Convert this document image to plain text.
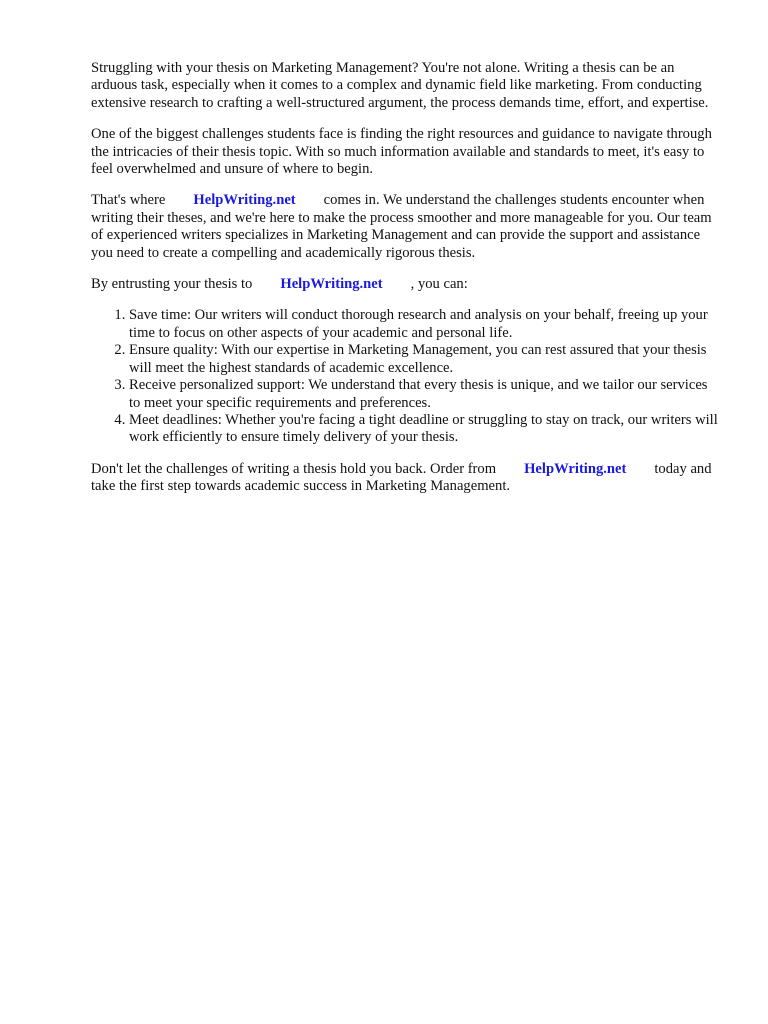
Struggling with your thesis on Marketing Management? You're not alone. Writing a thesis can be an arduous task, especially when it comes to a complex and dynamic field like marketing. From conducting extensive research to crafting a well-structured argument, the process demands time, effort, and expertise.

One of the biggest challenges students face is finding the right resources and guidance to navigate through the intricacies of their thesis topic. With so much information available and standards to meet, it's easy to feel overwhelmed and unsure of where to begin.

That's where HelpWriting.net comes in. We understand the challenges students encounter when writing their theses, and we're here to make the process smoother and more manageable for you. Our team of experienced writers specializes in Marketing Management and can provide the support and assistance you need to create a compelling and academically rigorous thesis.

By entrusting your thesis to HelpWriting.net , you can:

1. Save time: Our writers will conduct thorough research and analysis on your behalf, freeing up your time to focus on other aspects of your academic and personal life.
2. Ensure quality: With our expertise in Marketing Management, you can rest assured that your thesis will meet the highest standards of academic excellence.
3. Receive personalized support: We understand that every thesis is unique, and we tailor our services to meet your specific requirements and preferences.
4. Meet deadlines: Whether you're facing a tight deadline or struggling to stay on track, our writers will work efficiently to ensure timely delivery of your thesis.

Don't let the challenges of writing a thesis hold you back. Order from HelpWriting.net today and take the first step towards academic success in Marketing Management.
